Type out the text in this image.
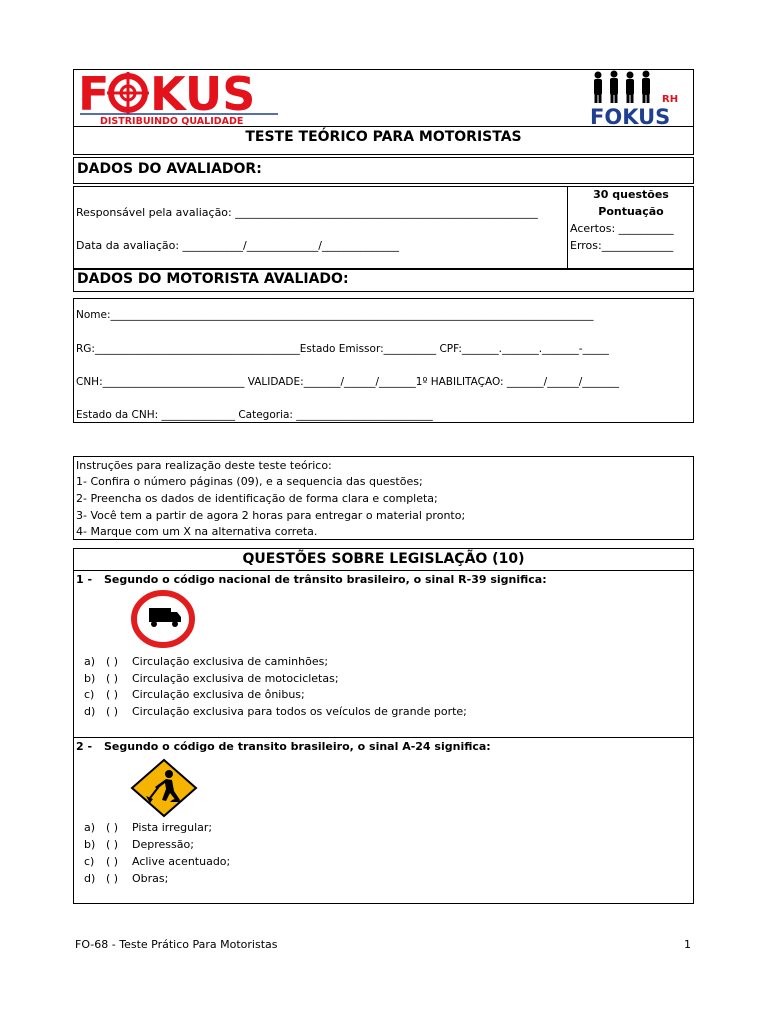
F KUS
DISTRIBUINDO QUALIDADE
RH
FOKUS
TESTE TEÓRICO PARA MOTORISTAS
DADOS DO AVALIADOR:
Responsável pela avaliação: _______________________________________________________
Data da avaliação: ___________/_____________/______________
30 questões
Pontuação
Acertos: __________
Erros:_____________
DADOS DO MOTORISTA AVALIADO:
Nome:____________________________________________________________________________________________
RG:_______________________________________Estado Emissor:__________ CPF:_______._______._______-_____
CNH:___________________________ VALIDADE:_______/______/_______1º HABILITAÇÃO: _______/______/_______
Estado da CNH: ______________ Categoria: __________________________
Instruções para realização deste teste teórico:
1- Confira o número páginas (09), e a sequencia das questões;
2- Preencha os dados de identificação de forma clara e completa;
3- Você tem a partir de agora 2 horas para entregar o material pronto;
4- Marque com um X na alternativa correta.
QUESTÕES SOBRE LEGISLAÇÃO (10)
1 - Segundo o código nacional de trânsito brasileiro, o sinal R-39 significa:
a) ( ) Circulação exclusiva de caminhões;
b) ( ) Circulação exclusiva de motocicletas;
c) ( ) Circulação exclusiva de ônibus;
d) ( ) Circulação exclusiva para todos os veículos de grande porte;
2 - Segundo o código de transito brasileiro, o sinal A-24 significa:
a) ( ) Pista irregular;
b) ( ) Depressão;
c) ( ) Aclive acentuado;
d) ( ) Obras;
FO-68 - Teste Prático Para Motoristas	1
